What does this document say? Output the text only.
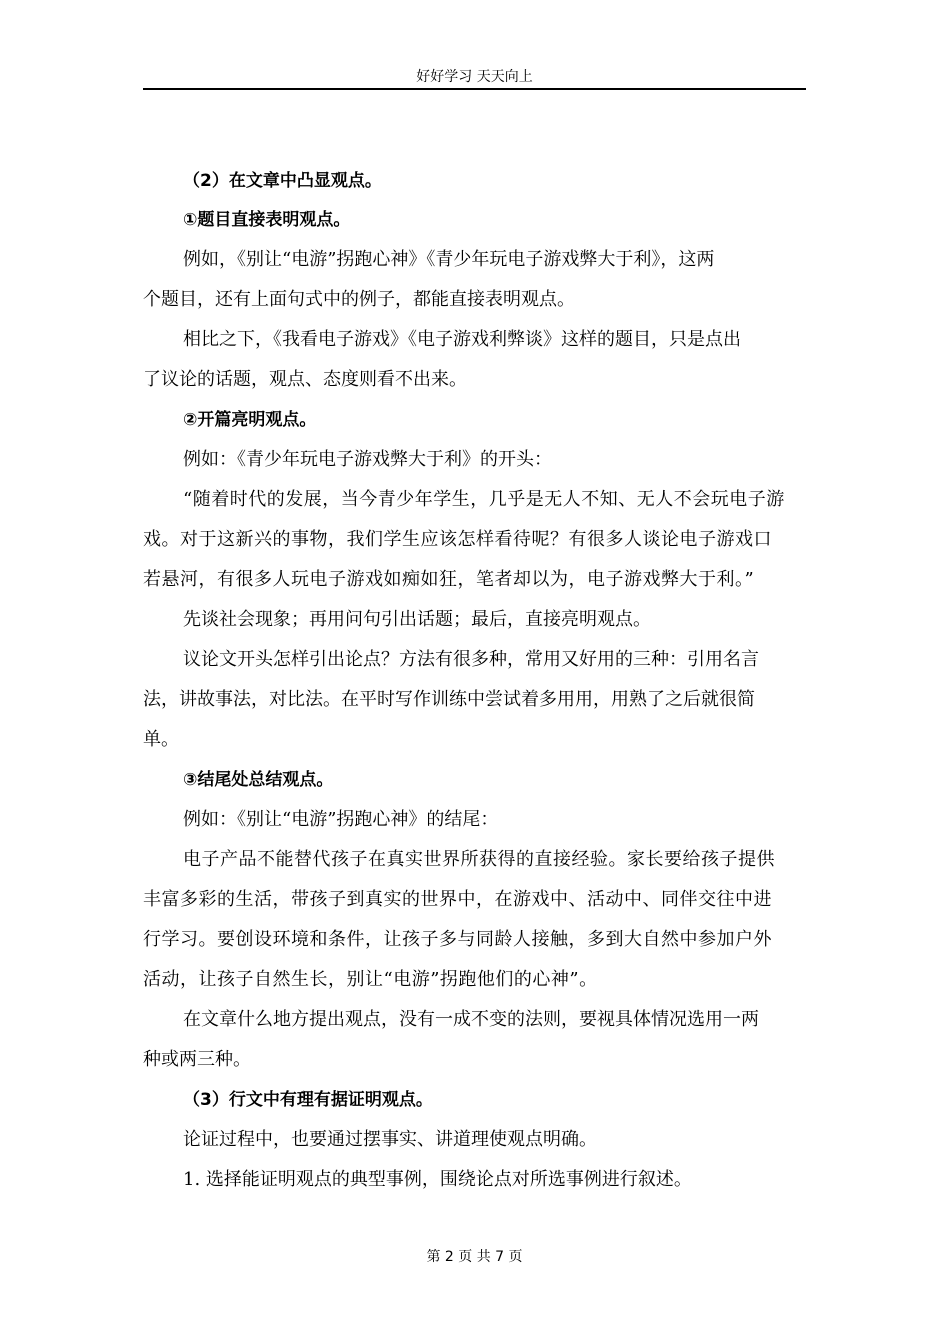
好好学习 天天向上
（2）在文章中凸显观点。
①题目直接表明观点。
例如，《别让“电游”拐跑心神》《青少年玩电子游戏弊大于利》，这两
个题目，还有上面句式中的例子，都能直接表明观点。
相比之下，《我看电子游戏》《电子游戏利弊谈》这样的题目，只是点出
了议论的话题，观点、态度则看不出来。
②开篇亮明观点。
例如：《青少年玩电子游戏弊大于利》的开头：
“随着时代的发展，当今青少年学生，几乎是无人不知、无人不会玩电子游
戏。对于这新兴的事物，我们学生应该怎样看待呢？有很多人谈论电子游戏口
若悬河，有很多人玩电子游戏如痴如狂，笔者却以为，电子游戏弊大于利。”
先谈社会现象；再用问句引出话题；最后，直接亮明观点。
议论文开头怎样引出论点？方法有很多种，常用又好用的三种：引用名言
法，讲故事法，对比法。在平时写作训练中尝试着多用用，用熟了之后就很简
单。
③结尾处总结观点。
例如：《别让“电游”拐跑心神》的结尾：
电子产品不能替代孩子在真实世界所获得的直接经验。家长要给孩子提供
丰富多彩的生活，带孩子到真实的世界中，在游戏中、活动中、同伴交往中进
行学习。要创设环境和条件，让孩子多与同龄人接触，多到大自然中参加户外
活动，让孩子自然生长，别让“电游”拐跑他们的心神”。
在文章什么地方提出观点，没有一成不变的法则，要视具体情况选用一两
种或两三种。
（3）行文中有理有据证明观点。
论证过程中，也要通过摆事实、讲道理使观点明确。
1. 选择能证明观点的典型事例，围绕论点对所选事例进行叙述。
第 2 页 共 7 页
